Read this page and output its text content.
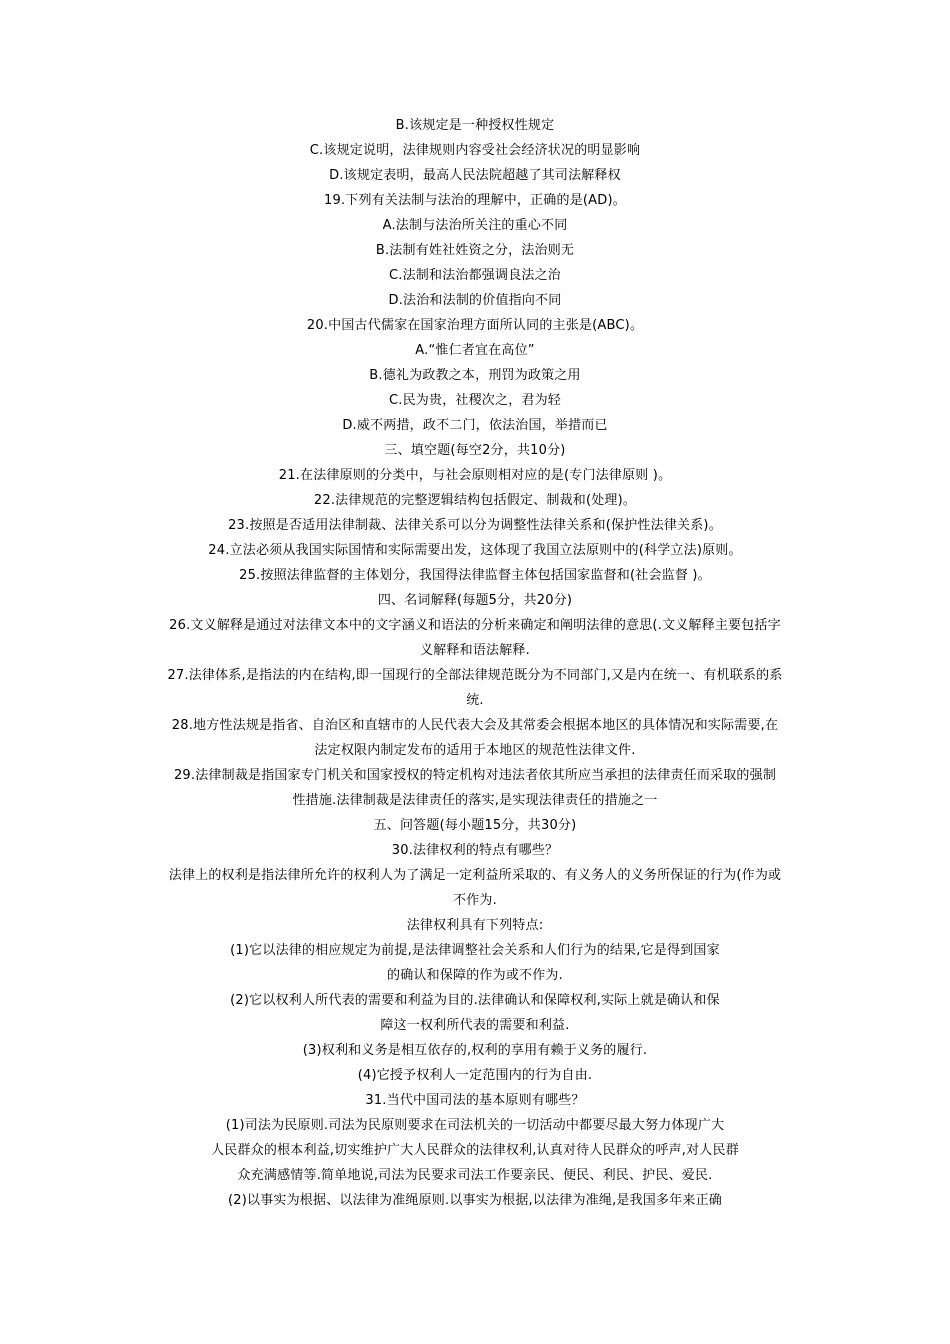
B.该规定是一种授权性规定
C.该规定说明，法律规则内容受社会经济状况的明显影响
D.该规定表明，最高人民法院超越了其司法解释权
19.下列有关法制与法治的理解中，正确的是(AD)。
A.法制与法治所关注的重心不同
B.法制有姓社姓资之分，法治则无
C.法制和法治都强调良法之治
D.法治和法制的价值指向不同
20.中国古代儒家在国家治理方面所认同的主张是(ABC)。
A.“惟仁者宜在高位”
B.德礼为政教之本，刑罚为政策之用
C.民为贵，社稷次之，君为轻
D.威不两措，政不二门，依法治国，举措而已
三、填空题(每空2分，共10分)
21.在法律原则的分类中，与社会原则相对应的是(专门法律原则 )。
22.法律规范的完整逻辑结构包括假定、制裁和(处理)。
23.按照是否适用法律制裁、法律关系可以分为调整性法律关系和(保护性法律关系)。
24.立法必须从我国实际国情和实际需要出发，这体现了我国立法原则中的(科学立法)原则。
25.按照法律监督的主体划分，我国得法律监督主体包括国家监督和(社会监督 )。
四、名词解释(每题5分，共20分)
26.文义解释是通过对法律文本中的文字涵义和语法的分析来确定和阐明法律的意思(.文义解释主要包括字
义解释和语法解释.
27.法律体系,是指法的内在结构,即一国现行的全部法律规范既分为不同部门,又是内在统一、有机联系的系
统.
28.地方性法规是指省、自治区和直辖市的人民代表大会及其常委会根据本地区的具体情况和实际需要,在
法定权限内制定发布的适用于本地区的规范性法律文件.
29.法律制裁是指国家专门机关和国家授权的特定机构对违法者依其所应当承担的法律责任而采取的强制
性措施.法律制裁是法律责任的落实,是实现法律责任的措施之一
五、问答题(每小题15分，共30分)
30.法律权利的特点有哪些？
法律上的权利是指法律所允许的权利人为了满足一定利益所采取的、有义务人的义务所保证的行为(作为或
不作为.
法律权利具有下列特点:
(1)它以法律的相应规定为前提,是法律调整社会关系和人们行为的结果,它是得到国家
的确认和保障的作为或不作为.
(2)它以权利人所代表的需要和利益为目的.法律确认和保障权利,实际上就是确认和保
障这一权利所代表的需要和利益.
(3)权利和义务是相互依存的,权利的享用有赖于义务的履行.
(4)它授予权利人一定范围内的行为自由.
31.当代中国司法的基本原则有哪些？
(1)司法为民原则.司法为民原则要求在司法机关的一切活动中都要尽最大努力体现广大
人民群众的根本利益,切实维护广大人民群众的法律权利,认真对待人民群众的呼声,对人民群
众充满感情等.简单地说,司法为民要求司法工作要亲民、便民、利民、护民、爱民.
(2)以事实为根据、以法律为准绳原则.以事实为根据,以法律为准绳,是我国多年来正确
